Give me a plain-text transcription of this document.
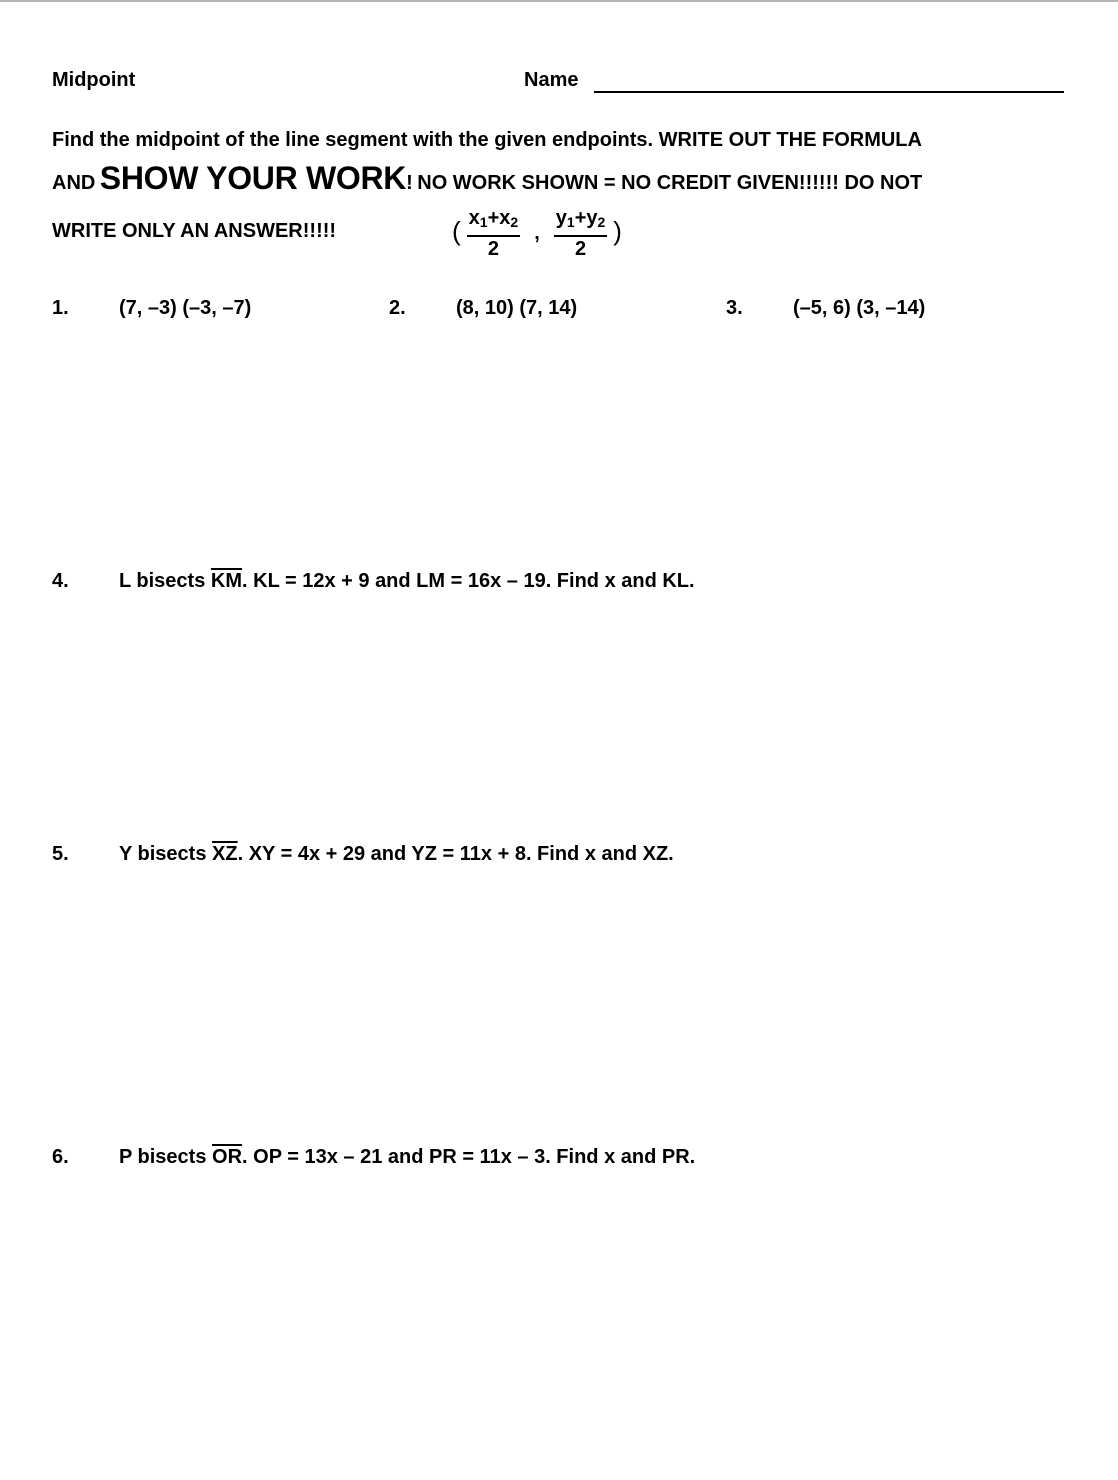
Midpoint	Name
Find the midpoint of the line segment with the given endpoints. WRITE OUT THE FORMULA
AND SHOW YOUR WORK! NO WORK SHOWN = NO CREDIT GIVEN!!!!!! DO NOT
WRITE ONLY AN ANSWER!!!!!	( $\frac{x_1+x_2}{2}$ , $\frac{y_1+y_2}{2}$ )
1.	(7, –3) (–3, –7)	2.	(8, 10) (7, 14)	3.	(–5, 6) (3, –14)
4.	L bisects $\overline{KM}$. KL = 12x + 9 and LM = 16x – 19. Find x and KL.
5.	Y bisects $\overline{XZ}$. XY = 4x + 29 and YZ = 11x + 8. Find x and XZ.
6.	P bisects $\overline{OR}$. OP = 13x – 21 and PR = 11x – 3. Find x and PR.
